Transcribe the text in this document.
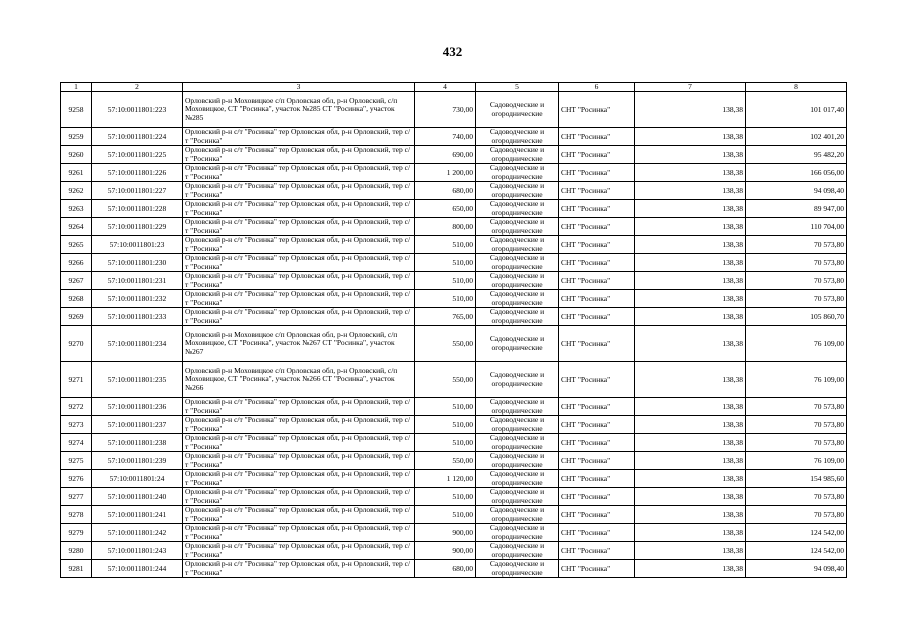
432
1	2	3	4	5	6	7	8
9258	57:10:0011801:223	Орловский р-н Моховицкое с/п Орловская обл, р-н Орловский, с/п Моховицкое, СТ "Росинка", участок №285 СТ "Росинка", участок №285	730,00	Садоводческие и огороднические	СНТ "Росинка"	138,38	101 017,40
9259	57:10:0011801:224	Орловский р-н с/т "Росинка" тер Орловская обл, р-н Орловский, тер с/т "Росинка"	740,00	Садоводческие и огороднические	СНТ "Росинка"	138,38	102 401,20
9260	57:10:0011801:225	Орловский р-н с/т "Росинка" тер Орловская обл, р-н Орловский, тер с/т "Росинка"	690,00	Садоводческие и огороднические	СНТ "Росинка"	138,38	95 482,20
9261	57:10:0011801:226	Орловский р-н с/т "Росинка" тер Орловская обл, р-н Орловский, тер с/т "Росинка"	1 200,00	Садоводческие и огороднические	СНТ "Росинка"	138,38	166 056,00
9262	57:10:0011801:227	Орловский р-н с/т "Росинка" тер Орловская обл, р-н Орловский, тер с/т "Росинка"	680,00	Садоводческие и огороднические	СНТ "Росинка"	138,38	94 098,40
9263	57:10:0011801:228	Орловский р-н с/т "Росинка" тер Орловская обл, р-н Орловский, тер с/т "Росинка"	650,00	Садоводческие и огороднические	СНТ "Росинка"	138,38	89 947,00
9264	57:10:0011801:229	Орловский р-н с/т "Росинка" тер Орловская обл, р-н Орловский, тер с/т "Росинка"	800,00	Садоводческие и огороднические	СНТ "Росинка"	138,38	110 704,00
9265	57:10:0011801:23	Орловский р-н с/т "Росинка" тер Орловская обл, р-н Орловский, тер с/т "Росинка"	510,00	Садоводческие и огороднические	СНТ "Росинка"	138,38	70 573,80
9266	57:10:0011801:230	Орловский р-н с/т "Росинка" тер Орловская обл, р-н Орловский, тер с/т "Росинка"	510,00	Садоводческие и огороднические	СНТ "Росинка"	138,38	70 573,80
9267	57:10:0011801:231	Орловский р-н с/т "Росинка" тер Орловская обл, р-н Орловский, тер с/т "Росинка"	510,00	Садоводческие и огороднические	СНТ "Росинка"	138,38	70 573,80
9268	57:10:0011801:232	Орловский р-н с/т "Росинка" тер Орловская обл, р-н Орловский, тер с/т "Росинка"	510,00	Садоводческие и огороднические	СНТ "Росинка"	138,38	70 573,80
9269	57:10:0011801:233	Орловский р-н с/т "Росинка" тер Орловская обл, р-н Орловский, тер с/т "Росинка"	765,00	Садоводческие и огороднические	СНТ "Росинка"	138,38	105 860,70
9270	57:10:0011801:234	Орловский р-н Моховицкое с/п Орловская обл, р-н Орловский, с/п Моховицкое, СТ "Росинка", участок №267 СТ "Росинка", участок №267	550,00	Садоводческие и огороднические	СНТ "Росинка"	138,38	76 109,00
9271	57:10:0011801:235	Орловский р-н Моховицкое с/п Орловская обл, р-н Орловский, с/п Моховицкое, СТ "Росинка", участок №266 СТ "Росинка", участок №266	550,00	Садоводческие и огороднические	СНТ "Росинка"	138,38	76 109,00
9272	57:10:0011801:236	Орловский р-н с/т "Росинка" тер Орловская обл, р-н Орловский, тер с/т "Росинка"	510,00	Садоводческие и огороднические	СНТ "Росинка"	138,38	70 573,80
9273	57:10:0011801:237	Орловский р-н с/т "Росинка" тер Орловская обл, р-н Орловский, тер с/т "Росинка"	510,00	Садоводческие и огороднические	СНТ "Росинка"	138,38	70 573,80
9274	57:10:0011801:238	Орловский р-н с/т "Росинка" тер Орловская обл, р-н Орловский, тер с/т "Росинка"	510,00	Садоводческие и огороднические	СНТ "Росинка"	138,38	70 573,80
9275	57:10:0011801:239	Орловский р-н с/т "Росинка" тер Орловская обл, р-н Орловский, тер с/т "Росинка"	550,00	Садоводческие и огороднические	СНТ "Росинка"	138,38	76 109,00
9276	57:10:0011801:24	Орловский р-н с/т "Росинка" тер Орловская обл, р-н Орловский, тер с/т "Росинка"	1 120,00	Садоводческие и огороднические	СНТ "Росинка"	138,38	154 985,60
9277	57:10:0011801:240	Орловский р-н с/т "Росинка" тер Орловская обл, р-н Орловский, тер с/т "Росинка"	510,00	Садоводческие и огороднические	СНТ "Росинка"	138,38	70 573,80
9278	57:10:0011801:241	Орловский р-н с/т "Росинка" тер Орловская обл, р-н Орловский, тер с/т "Росинка"	510,00	Садоводческие и огороднические	СНТ "Росинка"	138,38	70 573,80
9279	57:10:0011801:242	Орловский р-н с/т "Росинка" тер Орловская обл, р-н Орловский, тер с/т "Росинка"	900,00	Садоводческие и огороднические	СНТ "Росинка"	138,38	124 542,00
9280	57:10:0011801:243	Орловский р-н с/т "Росинка" тер Орловская обл, р-н Орловский, тер с/т "Росинка"	900,00	Садоводческие и огороднические	СНТ "Росинка"	138,38	124 542,00
9281	57:10:0011801:244	Орловский р-н с/т "Росинка" тер Орловская обл, р-н Орловский, тер с/т "Росинка"	680,00	Садоводческие и огороднические	СНТ "Росинка"	138,38	94 098,40
